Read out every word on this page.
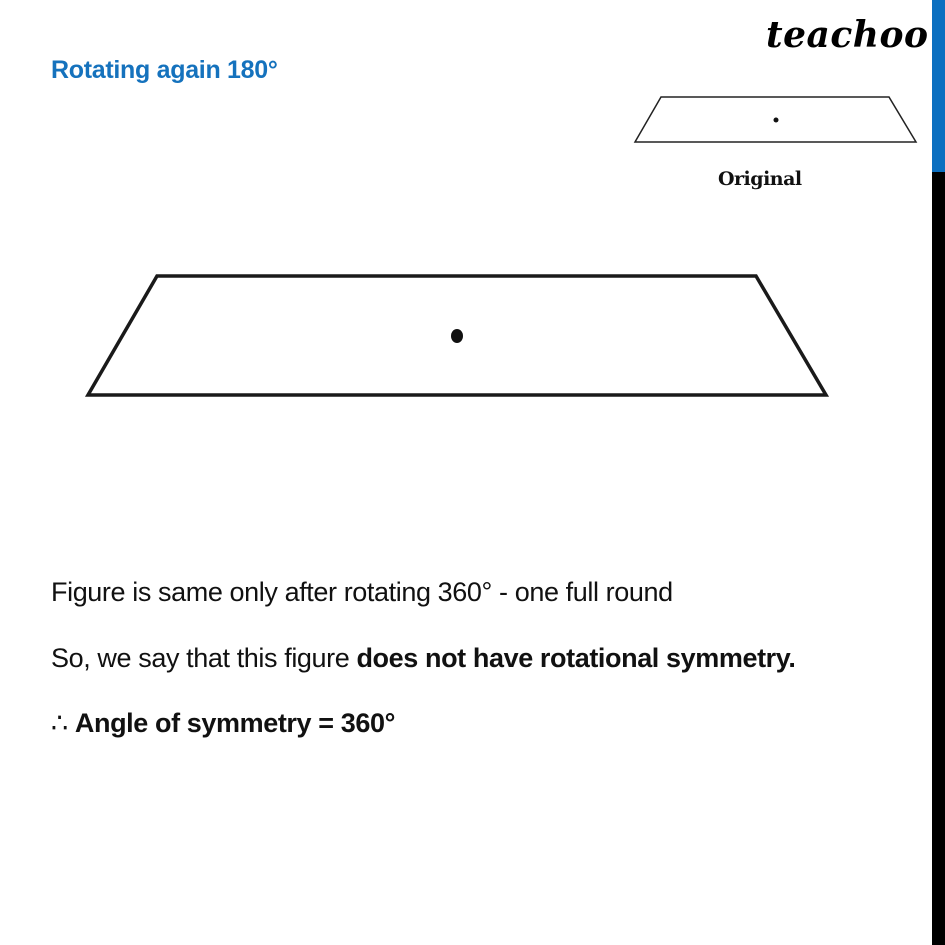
Rotating again 180°
teachoo
Original
Figure is same only after rotating 360° - one full round
So, we say that this figure does not have rotational symmetry.
∴ Angle of symmetry = 360°
